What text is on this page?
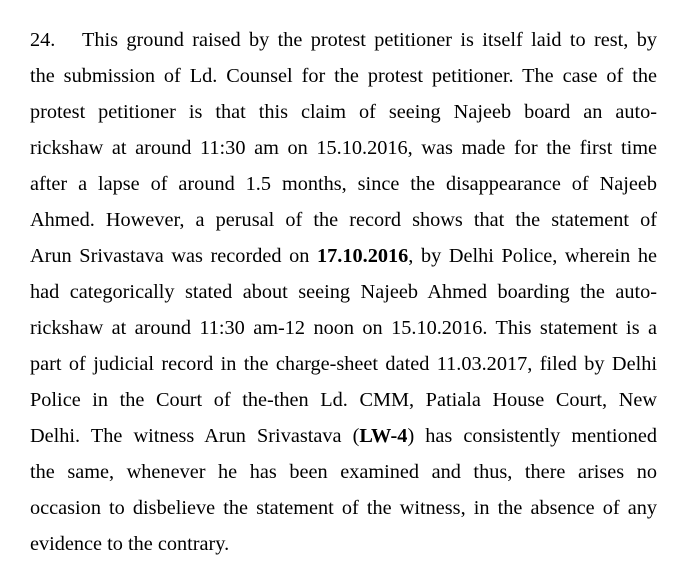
24. This ground raised by the protest petitioner is itself laid to rest, by
the submission of Ld. Counsel for the protest petitioner. The case of the
protest petitioner is that this claim of seeing Najeeb board an auto-
rickshaw at around 11:30 am on 15.10.2016, was made for the first time
after a lapse of around 1.5 months, since the disappearance of Najeeb
Ahmed. However, a perusal of the record shows that the statement of
Arun Srivastava was recorded on 17.10.2016, by Delhi Police, wherein he
had categorically stated about seeing Najeeb Ahmed boarding the auto-
rickshaw at around 11:30 am-12 noon on 15.10.2016. This statement is a
part of judicial record in the charge-sheet dated 11.03.2017, filed by Delhi
Police in the Court of the-then Ld. CMM, Patiala House Court, New
Delhi. The witness Arun Srivastava (LW-4) has consistently mentioned
the same, whenever he has been examined and thus, there arises no
occasion to disbelieve the statement of the witness, in the absence of any
evidence to the contrary.
